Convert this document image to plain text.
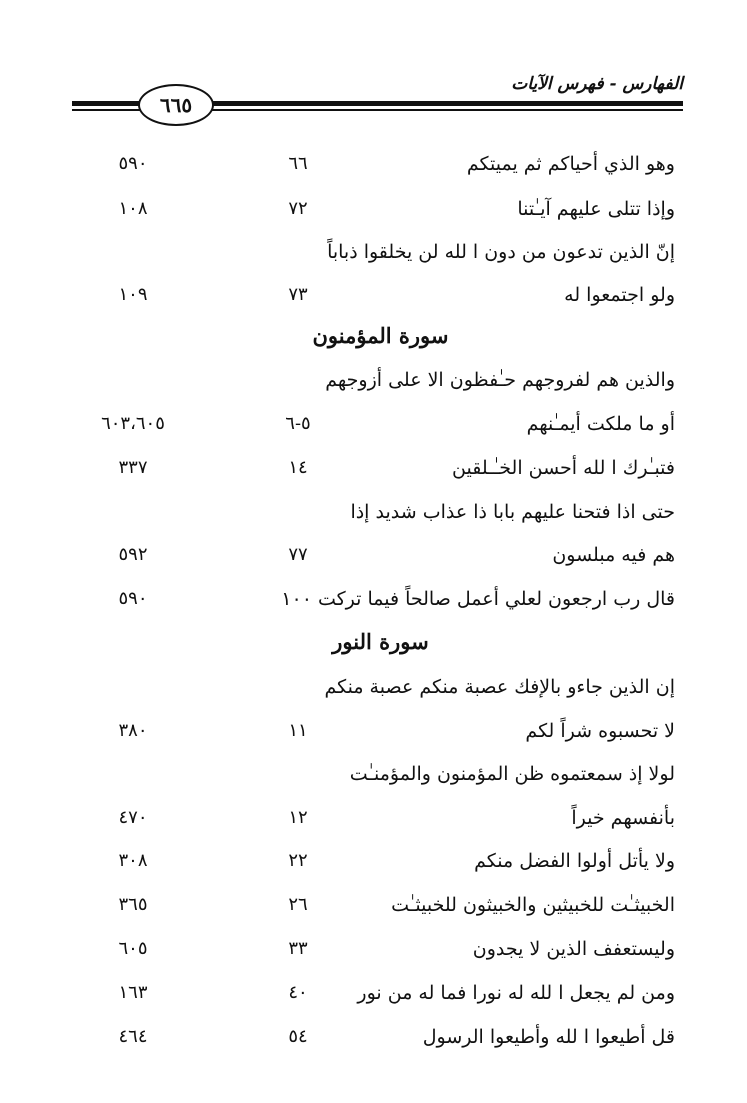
الفهارس - فهرس الآيات
٦٦٥
وهو الذي أحياكم ثم يميتكم
٦٦
٥٩٠
وإذا تتلى عليهم آيـٰتنا
٧٢
١٠٨
إنّ الذين تدعون من دون ا لله لن يخلقوا ذباباً
ولو اجتمعوا له
٧٣
١٠٩
سورة المؤمنون
والذين هم لفروجهم حـٰفظون الا على أزوجهم
أو ما ملكت أيمـٰنهم
٥-٦
٦٠٣،٦٠٥
فتبـٰرك ا لله أحسن الخـٰـلقين
١٤
٣٣٧
حتى اذا فتحنا عليهم بابا ذا عذاب شديد إذا
هم فيه مبلسون
٧٧
٥٩٢
قال رب ارجعون لعلي أعمل صالحاً فيما تركت ١٠٠
٥٩٠
سورة النور
إن الذين جاءو بالإفك عصبة منكم عصبة منكم
لا تحسبوه شراً لكم
١١
٣٨٠
لولا إذ سمعتموه ظن المؤمنون والمؤمنـٰت
بأنفسهم خيراً
١٢
٤٧٠
ولا يأتل أولوا الفضل منكم
٢٢
٣٠٨
الخبيثـٰت للخبيثين والخبيثون للخبيثـٰت
٢٦
٣٦٥
وليستعفف الذين لا يجدون
٣٣
٦٠٥
ومن لم يجعل ا لله له نورا فما له من نور
٤٠
١٦٣
قل أطيعوا ا لله وأطيعوا الرسول
٥٤
٤٦٤
